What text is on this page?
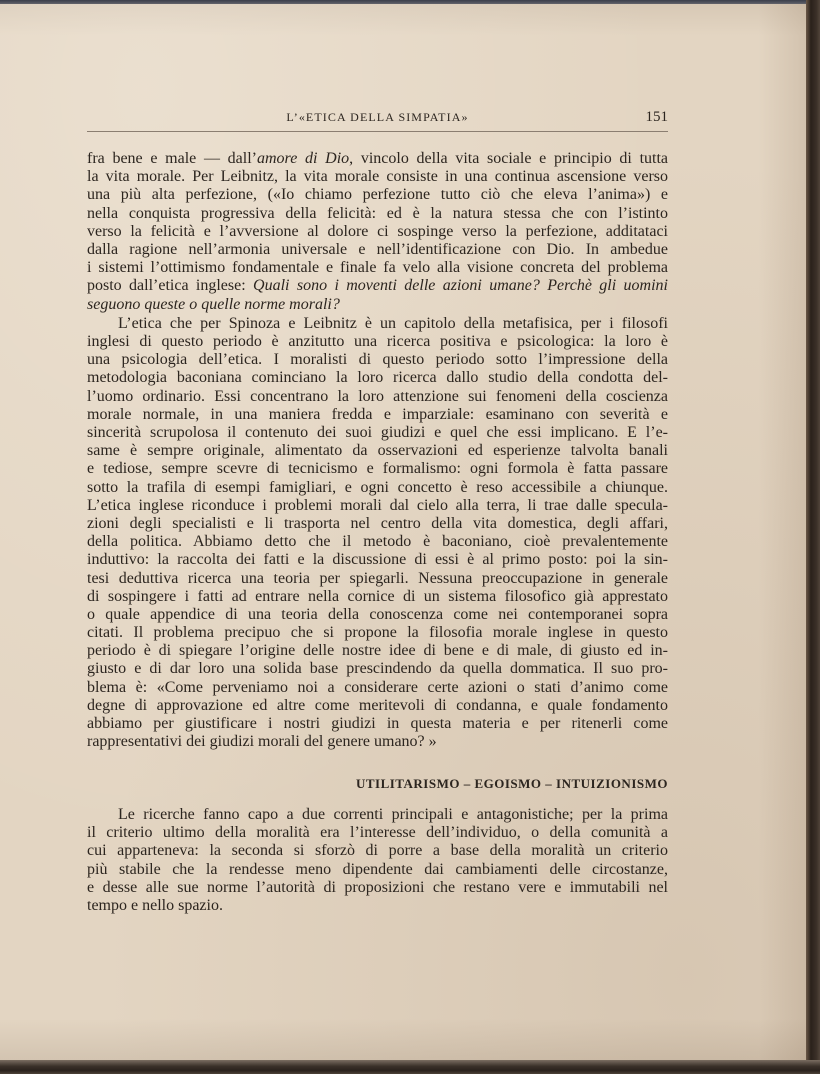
L’«ETICA DELLA SIMPATIA»	151
fra bene e male — dall’amore di Dio, vincolo della vita sociale e principio di tutta
la vita morale. Per Leibnitz, la vita morale consiste in una continua ascensione verso
una più alta perfezione, («Io chiamo perfezione tutto ciò che eleva l’anima») e
nella conquista progressiva della felicità: ed è la natura stessa che con l’istinto
verso la felicità e l’avversione al dolore ci sospinge verso la perfezione, additataci
dalla ragione nell’armonia universale e nell’identificazione con Dio. In ambedue
i sistemi l’ottimismo fondamentale e finale fa velo alla visione concreta del problema
posto dall’etica inglese: Quali sono i moventi delle azioni umane? Perchè gli uomini
seguono queste o quelle norme morali?
L’etica che per Spinoza e Leibnitz è un capitolo della metafisica, per i filosofi
inglesi di questo periodo è anzitutto una ricerca positiva e psicologica: la loro è
una psicologia dell’etica. I moralisti di questo periodo sotto l’impressione della
metodologia baconiana cominciano la loro ricerca dallo studio della condotta del-
l’uomo ordinario. Essi concentrano la loro attenzione sui fenomeni della coscienza
morale normale, in una maniera fredda e imparziale: esaminano con severità e
sincerità scrupolosa il contenuto dei suoi giudizi e quel che essi implicano. E l’e-
same è sempre originale, alimentato da osservazioni ed esperienze talvolta banali
e tediose, sempre scevre di tecnicismo e formalismo: ogni formola è fatta passare
sotto la trafila di esempi famigliari, e ogni concetto è reso accessibile a chiunque.
L’etica inglese riconduce i problemi morali dal cielo alla terra, li trae dalle specula-
zioni degli specialisti e li trasporta nel centro della vita domestica, degli affari,
della politica. Abbiamo detto che il metodo è baconiano, cioè prevalentemente
induttivo: la raccolta dei fatti e la discussione di essi è al primo posto: poi la sin-
tesi deduttiva ricerca una teoria per spiegarli. Nessuna preoccupazione in generale
di sospingere i fatti ad entrare nella cornice di un sistema filosofico già apprestato
o quale appendice di una teoria della conoscenza come nei contemporanei sopra
citati. Il problema precipuo che si propone la filosofia morale inglese in questo
periodo è di spiegare l’origine delle nostre idee di bene e di male, di giusto ed in-
giusto e di dar loro una solida base prescindendo da quella dommatica. Il suo pro-
blema è: «Come perveniamo noi a considerare certe azioni o stati d’animo come
degne di approvazione ed altre come meritevoli di condanna, e quale fondamento
abbiamo per giustificare i nostri giudizi in questa materia e per ritenerli come
rappresentativi dei giudizi morali del genere umano? »
UTILITARISMO – EGOISMO – INTUIZIONISMO
Le ricerche fanno capo a due correnti principali e antagonistiche; per la prima
il criterio ultimo della moralità era l’interesse dell’individuo, o della comunità a
cui apparteneva: la seconda si sforzò di porre a base della moralità un criterio
più stabile che la rendesse meno dipendente dai cambiamenti delle circostanze,
e desse alle sue norme l’autorità di proposizioni che restano vere e immutabili nel
tempo e nello spazio.
